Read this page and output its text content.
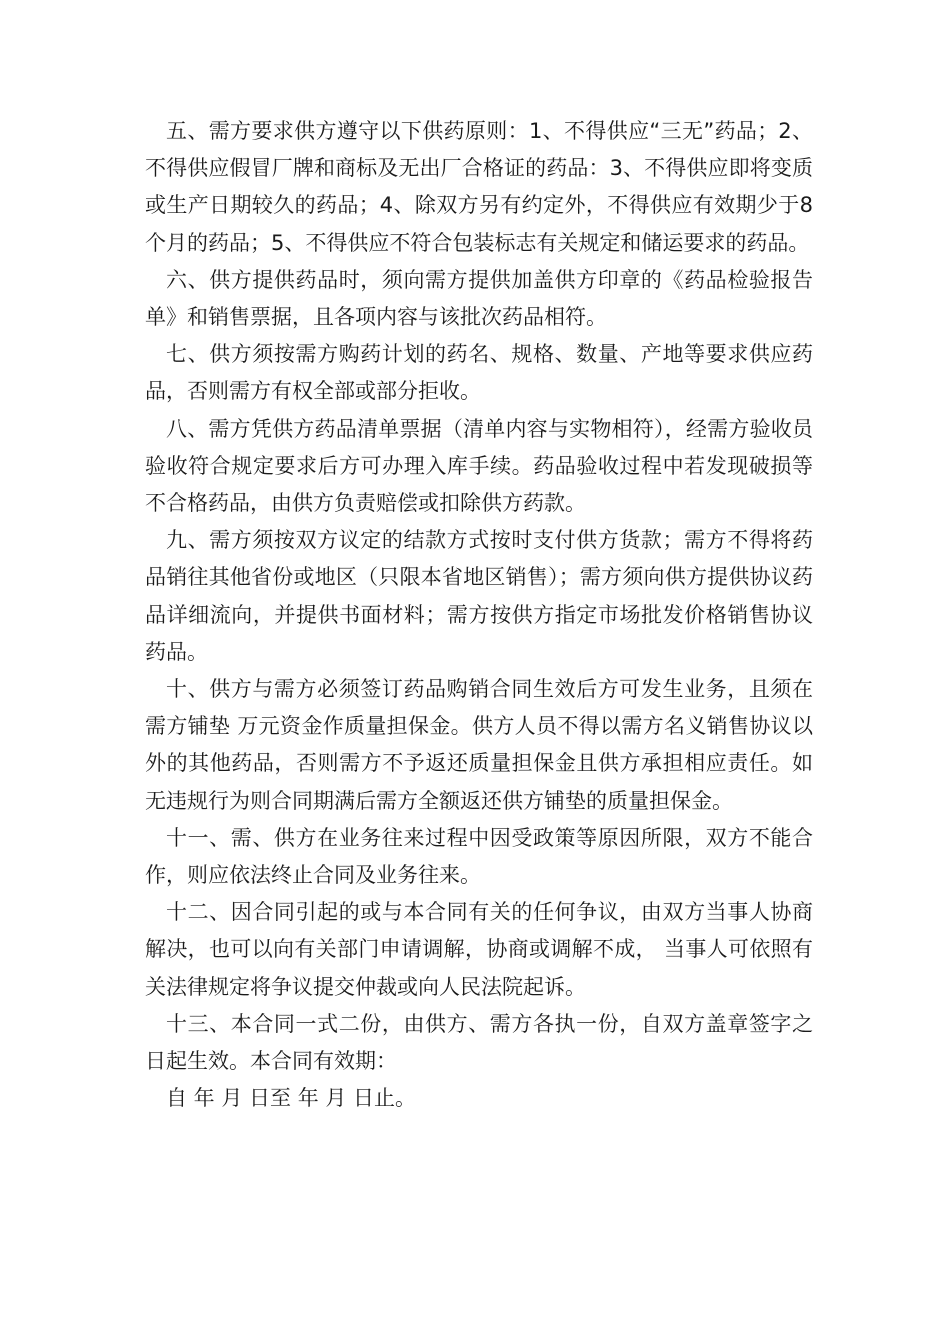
五、需方要求供方遵守以下供药原则：1、不得供应“三无”药品；2、不得供应假冒厂牌和商标及无出厂合格证的药品：3、不得供应即将变质或生产日期较久的药品；4、除双方另有约定外，不得供应有效期少于8个月的药品；5、不得供应不符合包装标志有关规定和储运要求的药品。

六、供方提供药品时，须向需方提供加盖供方印章的《药品检验报告单》和销售票据，且各项内容与该批次药品相符。

七、供方须按需方购药计划的药名、规格、数量、产地等要求供应药品，否则需方有权全部或部分拒收。

八、需方凭供方药品清单票据（清单内容与实物相符），经需方验收员验收符合规定要求后方可办理入库手续。药品验收过程中若发现破损等不合格药品，由供方负责赔偿或扣除供方药款。

九、需方须按双方议定的结款方式按时支付供方货款；需方不得将药品销往其他省份或地区（只限本省地区销售）；需方须向供方提供协议药品详细流向，并提供书面材料；需方按供方指定市场批发价格销售协议药品。

十、供方与需方必须签订药品购销合同生效后方可发生业务，且须在需方铺垫 万元资金作质量担保金。供方人员不得以需方名义销售协议以外的其他药品，否则需方不予返还质量担保金且供方承担相应责任。如无违规行为则合同期满后需方全额返还供方铺垫的质量担保金。

十一、需、供方在业务往来过程中因受政策等原因所限，双方不能合作，则应依法终止合同及业务往来。

十二、因合同引起的或与本合同有关的任何争议，由双方当事人协商解决，也可以向有关部门申请调解，协商或调解不成， 当事人可依照有关法律规定将争议提交仲裁或向人民法院起诉。

十三、本合同一式二份，由供方、需方各执一份，自双方盖章签字之日起生效。本合同有效期：

自 年 月 日至 年 月 日止。
